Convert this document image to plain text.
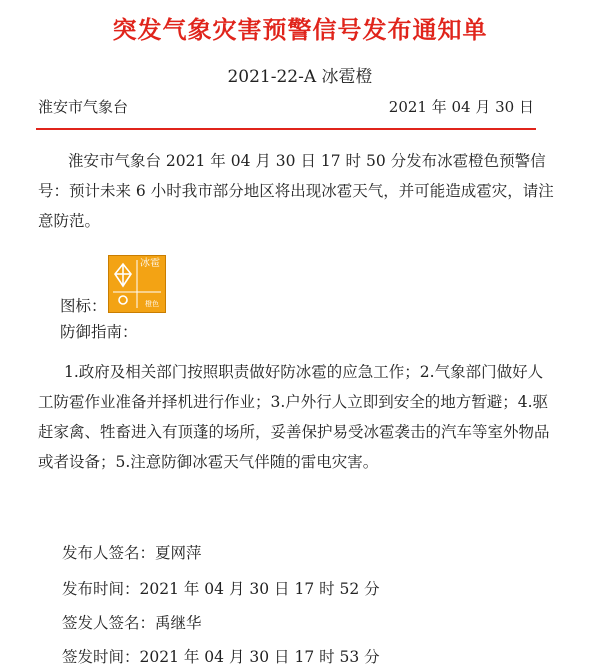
突发气象灾害预警信号发布通知单
2021-22-A 冰雹橙
淮安市气象台	2021 年 04 月 30 日
淮安市气象台 2021 年 04 月 30 日 17 时 50 分发布冰雹橙色预警信号：预计未来 6 小时我市部分地区将出现冰雹天气，并可能造成雹灾，请注意防范。
冰雹
橙色
图标：
防御指南：
1.政府及相关部门按照职责做好防冰雹的应急工作；2.气象部门做好人工防雹作业准备并择机进行作业；3.户外行人立即到安全的地方暂避；4.驱赶家禽、牲畜进入有顶蓬的场所，妥善保护易受冰雹袭击的汽车等室外物品或者设备；5.注意防御冰雹天气伴随的雷电灾害。
发布人签名：夏网萍
发布时间：2021 年 04 月 30 日 17 时 52 分
签发人签名：禹继华
签发时间：2021 年 04 月 30 日 17 时 53 分
